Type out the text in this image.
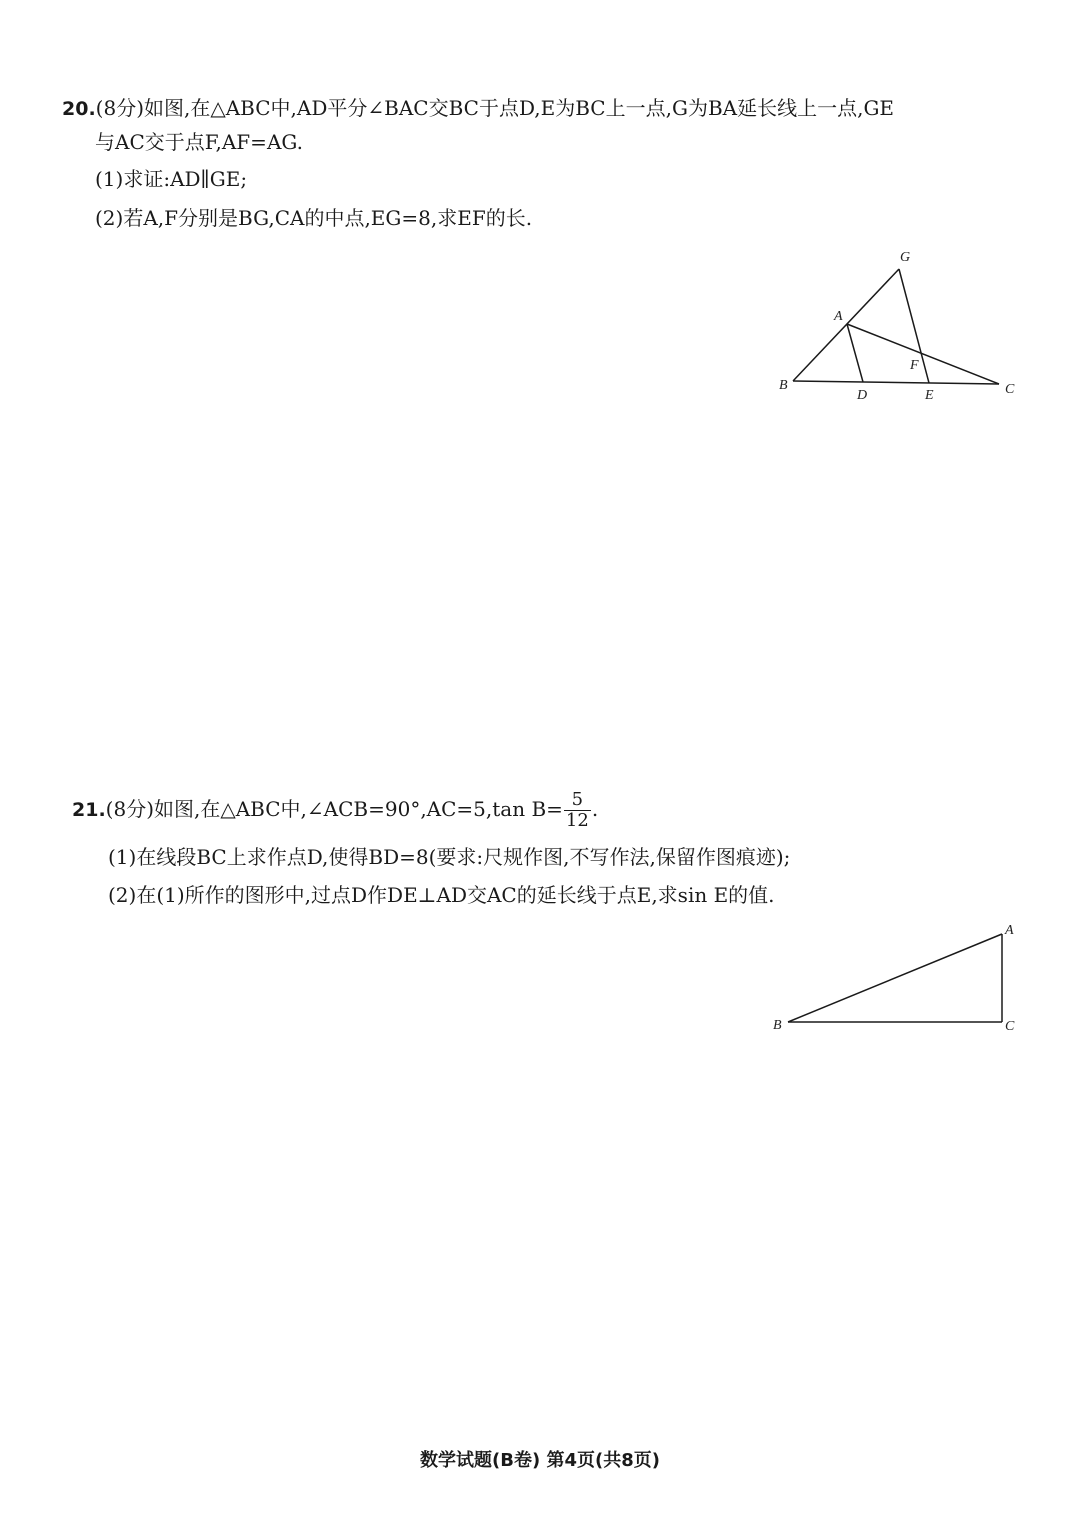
20.(8分)如图,在△ABC中,AD平分∠BAC交BC于点D,E为BC上一点,G为BA延长线上一点,GE
与AC交于点F,AF=AG.
(1)求证:AD∥GE;
(2)若A,F分别是BG,CA的中点,EG=8,求EF的长.
21.(8分)如图,在△ABC中,∠ACB=90°,AC=5,tan $B= \frac{5}{12}$ .
(1)在线段BC上求作点D,使得BD=8(要求:尺规作图,不写作法,保留作图痕迹);
(2)在(1)所作的图形中,过点D作DE⊥AD交AC的延长线于点E,求sin E的值.
G
A
F
B
D	E	C
A
B	C
数学试题(B卷) 第4页(共8页)
